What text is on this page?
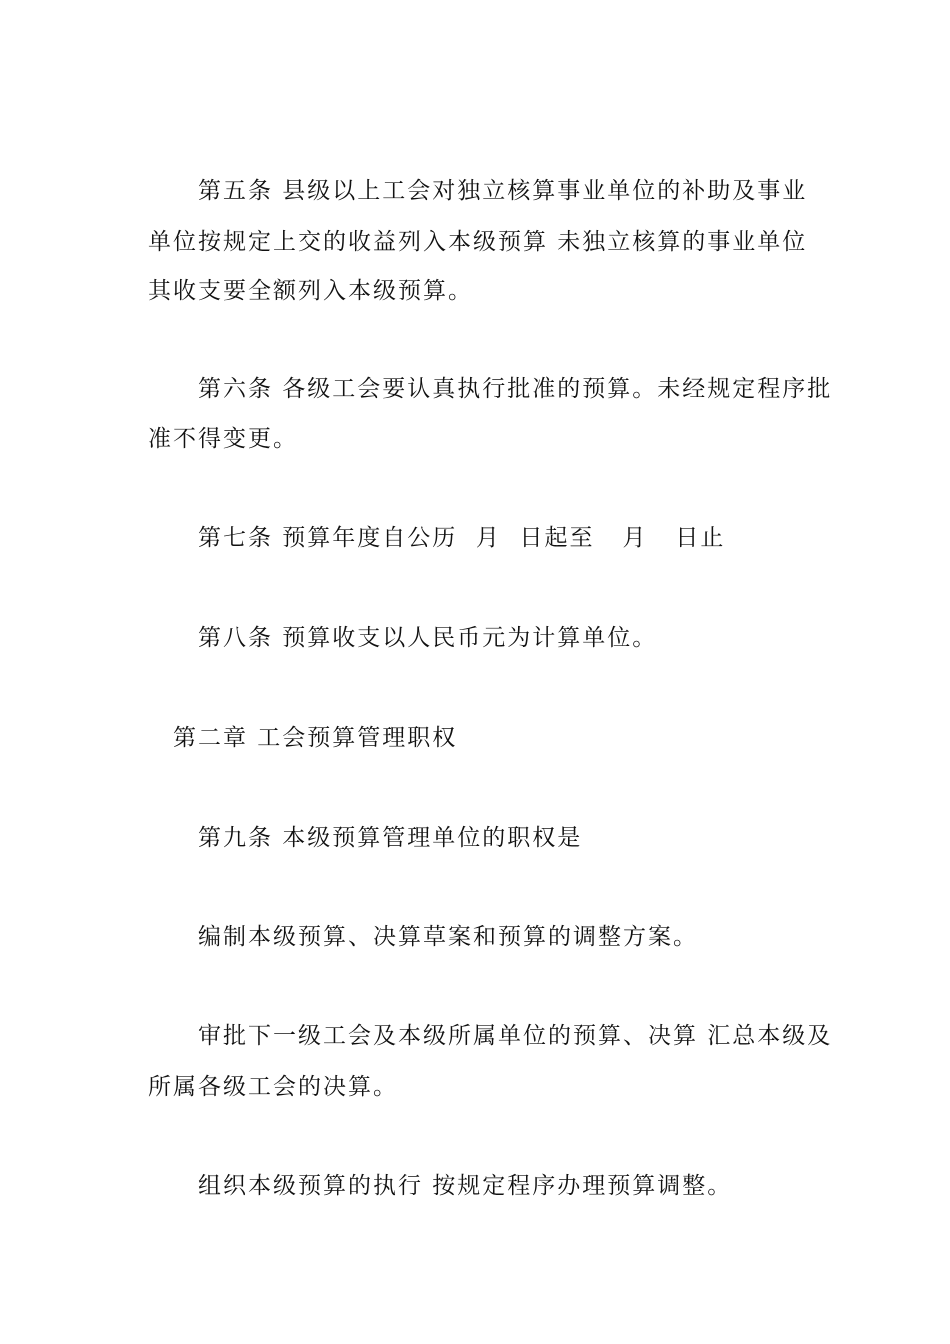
第五条 县级以上工会对独立核算事业单位的补助及事业
单位按规定上交的收益列入本级预算 未独立核算的事业单位
其收支要全额列入本级预算。
第六条 各级工会要认真执行批准的预算。未经规定程序批
准不得变更。
第七条 预算年度自公历  月  日起至   月   日止
第八条 预算收支以人民币元为计算单位。
第二章 工会预算管理职权
第九条 本级预算管理单位的职权是
编制本级预算、决算草案和预算的调整方案。
审批下一级工会及本级所属单位的预算、决算 汇总本级及
所属各级工会的决算。
组织本级预算的执行 按规定程序办理预算调整。
